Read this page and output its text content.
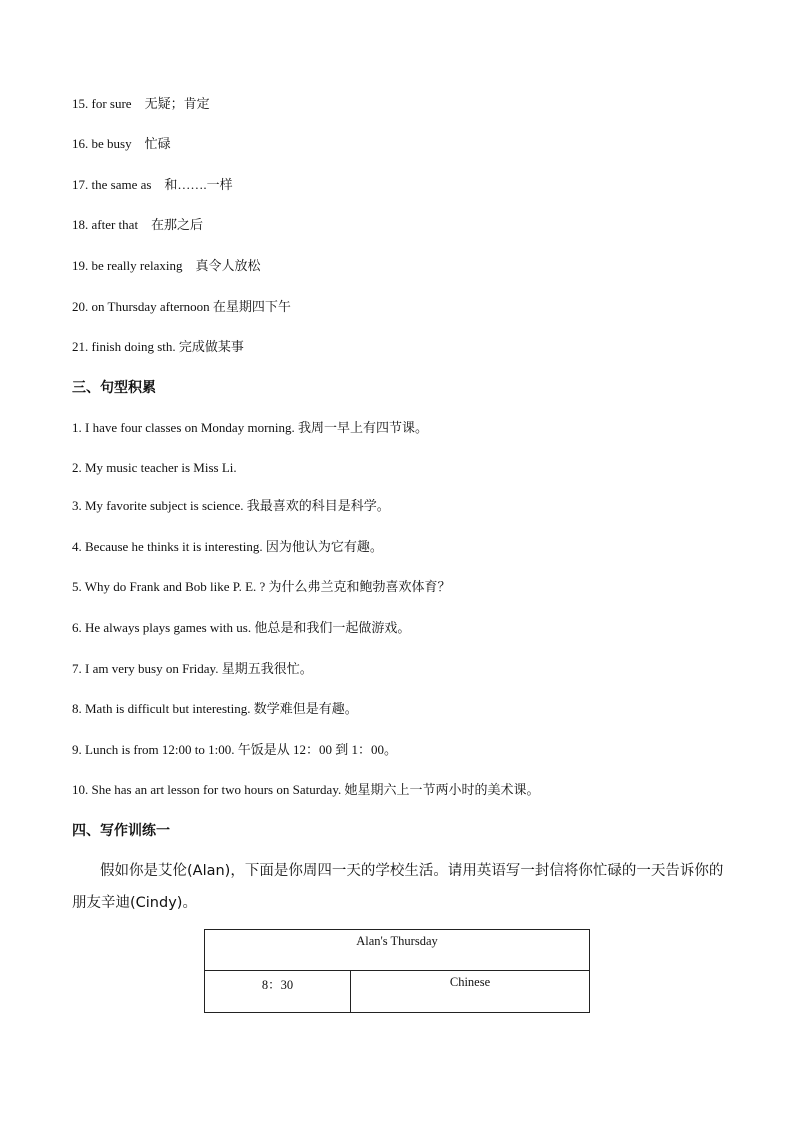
15. for sure　无疑；肯定
16. be busy　忙碌
17. the same as　和…….一样
18. after that　在那之后
19. be really relaxing　真令人放松
20. on Thursday afternoon 在星期四下午
21. finish doing sth. 完成做某事
三、句型积累
1. I have four classes on Monday morning. 我周一早上有四节课。
2. My music teacher is Miss Li.
3. My favorite subject is science. 我最喜欢的科目是科学。
4. Because he thinks it is interesting. 因为他认为它有趣。
5. Why do Frank and Bob like P. E. ? 为什么弗兰克和鲍勃喜欢体育？
6. He always plays games with us. 他总是和我们一起做游戏。
7. I am very busy on Friday. 星期五我很忙。
8. Math is difficult but interesting. 数学难但是有趣。
9. Lunch is from 12:00 to 1:00. 午饭是从 12：00 到 1：00。
10. She has an art lesson for two hours on Saturday. 她星期六上一节两小时的美术课。
四、写作训练一
假如你是艾伦(Alan)，下面是你周四一天的学校生活。请用英语写一封信将你忙碌的一天告诉你的朋友辛迪(Cindy)。
Alan's Thursday
8：30	Chinese
